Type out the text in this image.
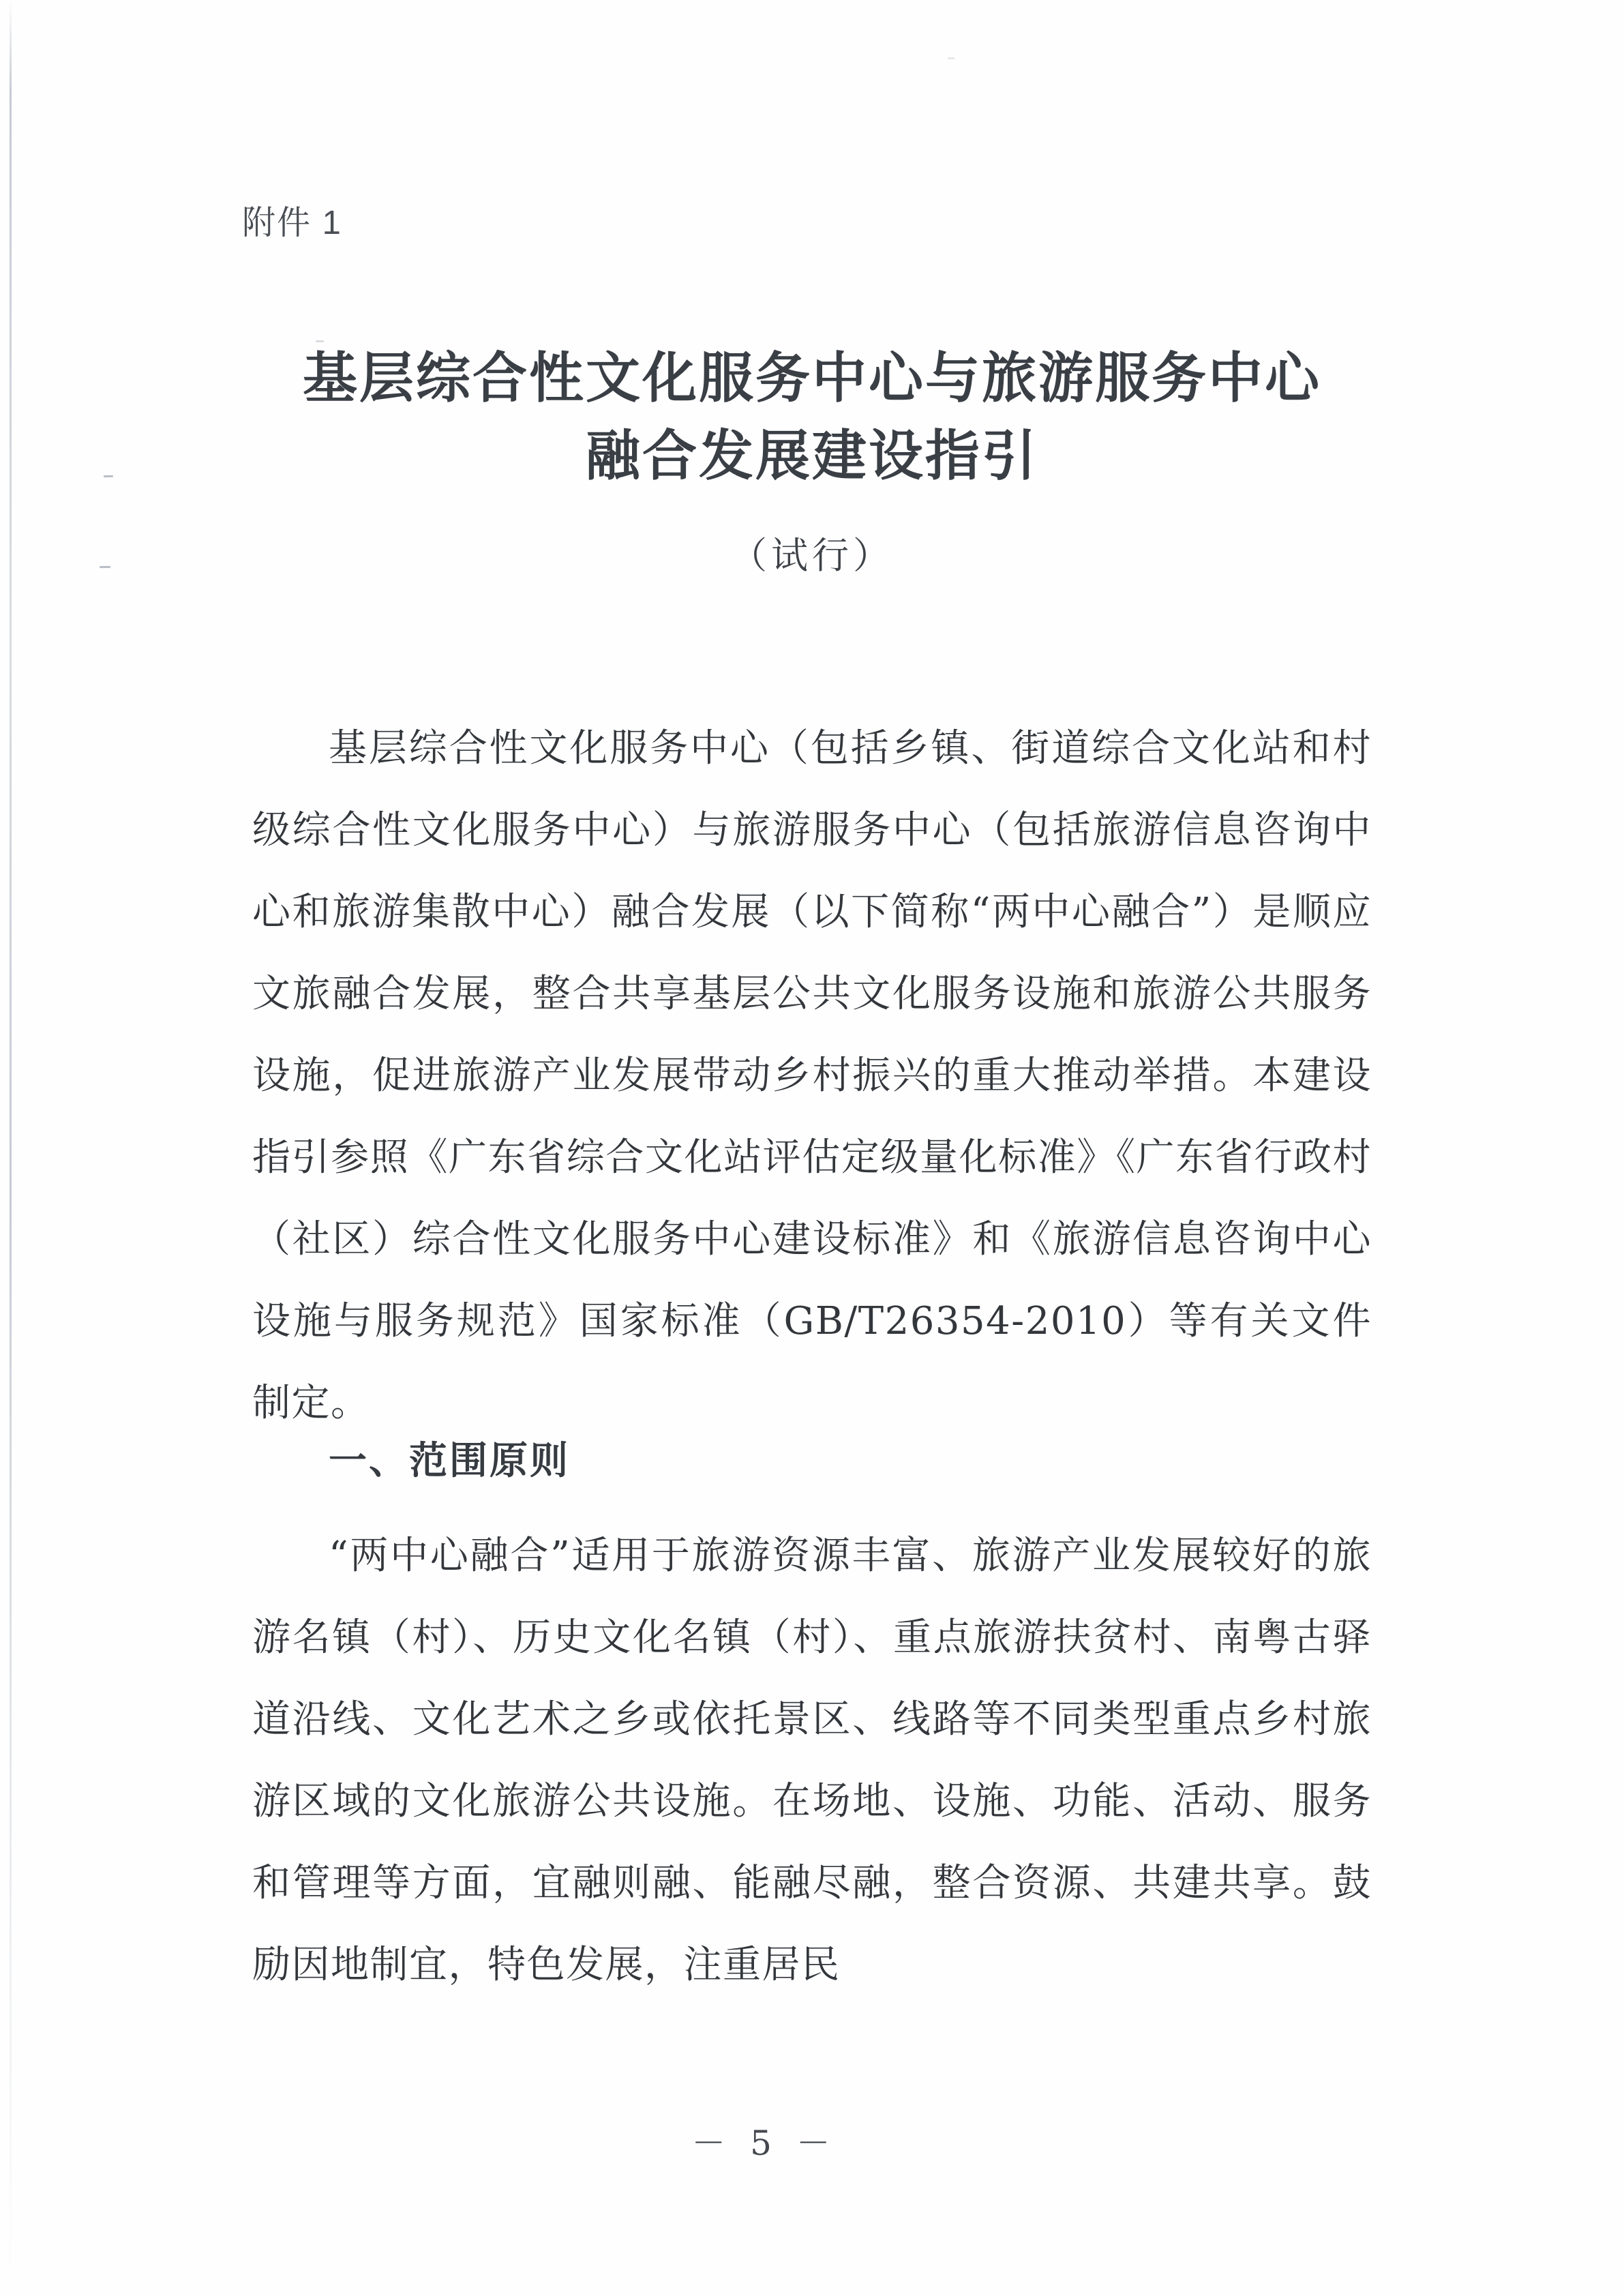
附件 1
基层综合性文化服务中心与旅游服务中心
融合发展建设指引
（试行）

基层综合性文化服务中心（包括乡镇、街道综合文化站和村级综合性文化服务中心）与旅游服务中心（包括旅游信息咨询中心和旅游集散中心）融合发展（以下简称“两中心融合”）是顺应文旅融合发展，整合共享基层公共文化服务设施和旅游公共服务设施，促进旅游产业发展带动乡村振兴的重大推动举措。本建设指引参照《广东省综合文化站评估定级量化标准》《广东省行政村（社区）综合性文化服务中心建设标准》和《旅游信息咨询中心设施与服务规范》国家标准（GB/T26354-2010）等有关文件制定。

一、范围原则

“两中心融合”适用于旅游资源丰富、旅游产业发展较好的旅游名镇（村）、历史文化名镇（村）、重点旅游扶贫村、南粤古驿道沿线、文化艺术之乡或依托景区、线路等不同类型重点乡村旅游区域的文化旅游公共设施。在场地、设施、功能、活动、服务和管理等方面，宜融则融、能融尽融，整合资源、共建共享。鼓励因地制宜，特色发展，注重居民

－ 5 －
